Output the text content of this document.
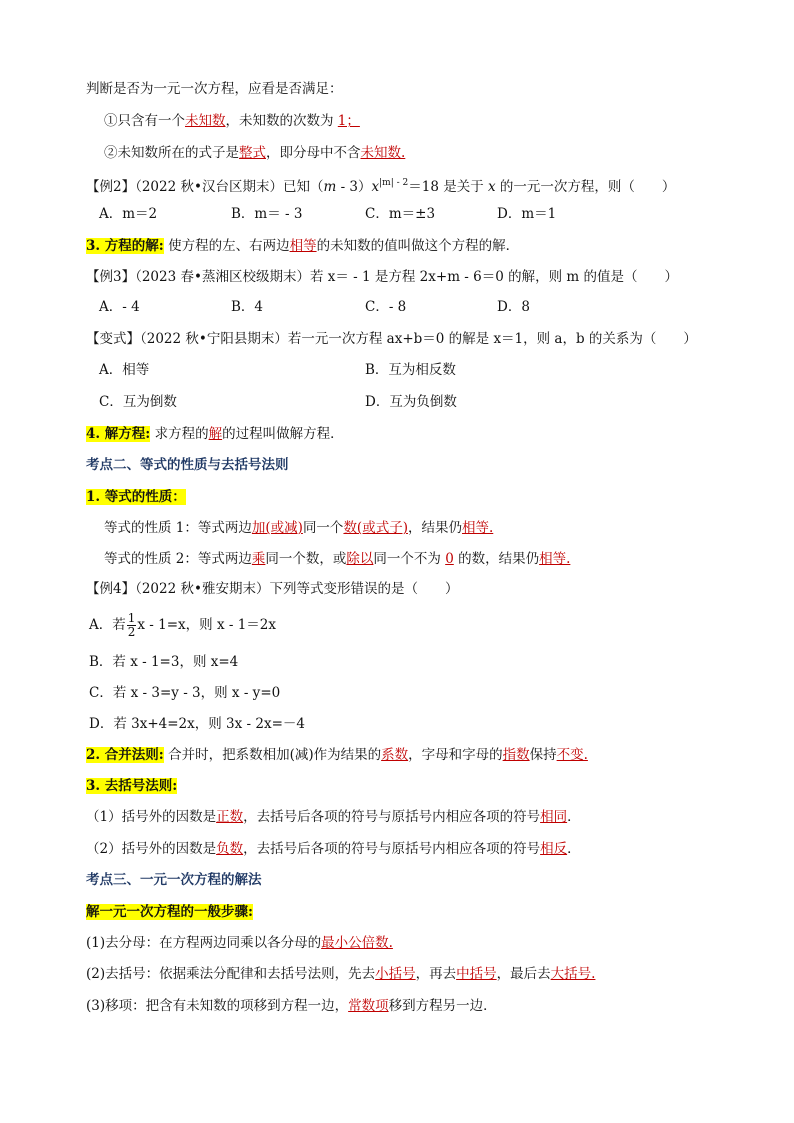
判断是否为一元一次方程，应看是否满足：
①只含有一个未知数，未知数的次数为 1；
②未知数所在的式子是整式，即分母中不含未知数.
【例2】（2022 秋•汉台区期末）已知$(m - 3)x^{|m| - 2}=18$ 是关于 x 的一元一次方程，则（　　）
A．m＝2	B．m＝ - 3	C．m＝±3	D．m＝1
3. 方程的解: 使方程的左、右两边相等的未知数的值叫做这个方程的解．
【例3】（2023 春•蒸湘区校级期末）若 x＝ - 1 是方程 2x+m - 6＝0 的解，则 m 的值是（　　）
A．- 4	B．4	C．- 8	D．8
【变式】（2022 秋•宁阳县期末）若一元一次方程 ax+b＝0 的解是 x＝1，则 a，b 的关系为（　　）
A．相等	B．互为相反数
C．互为倒数	D．互为负倒数
4. 解方程: 求方程的解的过程叫做解方程．
考点二、等式的性质与去括号法则
1. 等式的性质：
等式的性质 1：等式两边加(或减)同一个数(或式子)，结果仍相等.
等式的性质 2：等式两边乘同一个数，或除以同一个不为 0 的数，结果仍相等.
【例4】（2022 秋•雅安期末）下列等式变形错误的是（　　）
A．若 $\frac{1}{2}$ x - 1=x，则 x - 1＝2x
B．若 x - 1=3，则 x=4
C．若 x - 3=y - 3，则 x - y=0
D．若 3x+4=2x，则 3x - 2x=－4
2. 合并法则: 合并时，把系数相加(减)作为结果的系数，字母和字母的指数保持不变.
3. 去括号法则:
（1）括号外的因数是正数，去括号后各项的符号与原括号内相应各项的符号相同．
（2）括号外的因数是负数，去括号后各项的符号与原括号内相应各项的符号相反．
考点三、一元一次方程的解法
解一元一次方程的一般步骤:
(1)去分母：在方程两边同乘以各分母的最小公倍数.
(2)去括号：依据乘法分配律和去括号法则，先去小括号，再去中括号，最后去大括号.
(3)移项：把含有未知数的项移到方程一边，常数项移到方程另一边．
